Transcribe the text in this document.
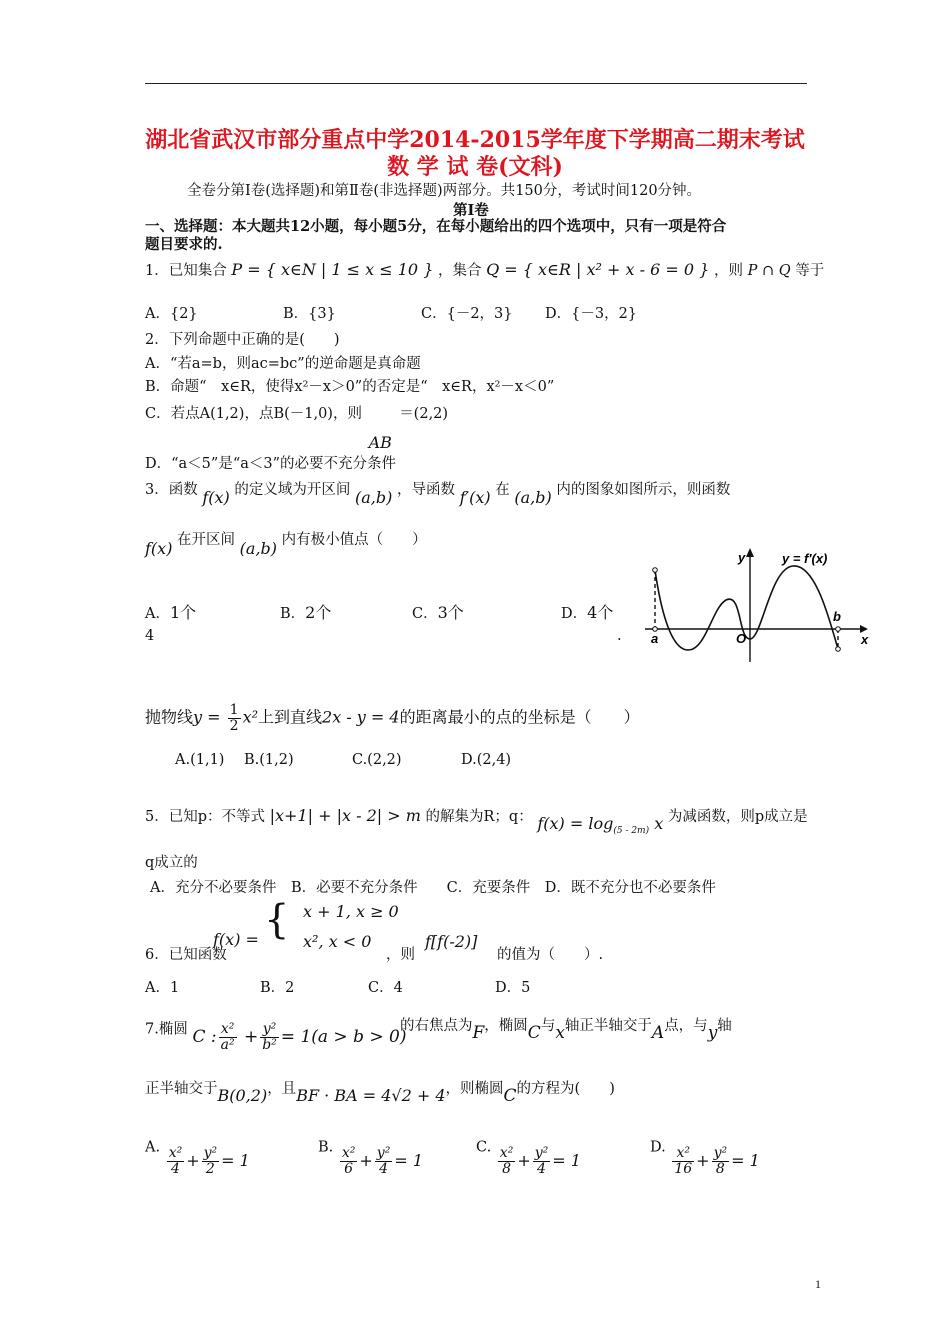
湖北省武汉市部分重点中学2014-2015学年度下学期高二期末考试
数 学 试 卷(文科)
全卷分第Ⅰ卷(选择题)和第Ⅱ卷(非选择题)两部分。共150分，考试时间120分钟。
第Ⅰ卷
一、选择题：本大题共12小题，每小题5分，在每小题给出的四个选项中，只有一项是符合
题目要求的.
1．已知集合 P = { x∈N | 1 ≤ x ≤ 10 } ，集合 Q = { x∈R | x² + x - 6 = 0 } ，则 P ∩ Q 等于
A．{2}	B．{3}	C．{－2，3} D．{－3，2}
2．下列命题中正确的是(　　)
A．“若a=b，则ac=bc”的逆命题是真命题
B．命题“　x∈R，使得x²－x＞0”的否定是“　x∈R，x²－x＜0”
C．若点A(1,2)，点B(－1,0)，则
AB
＝(2,2)
D．“a＜5”是“a＜3”的必要不充分条件
3．函数 f(x) 的定义域为开区间 (a,b) ，导函数 f′(x) 在 (a,b) 内的图象如图所示，则函数
f(x) 在开区间 (a,b) 内有极小值点（　　）
A．1个	B．2个	C．3个	D．4个
4	.
y
x
y = f′(x)
a
b
O
抛物线$y = \frac{1}{2} x^2$上到直线2x - y = 4的距离最小的点的坐标是（　　）
A.(1,1) B.(1,2)	C.(2,2)	D.(2,4)
5．已知p：不等式 |x+1| + |x - 2| > m 的解集为R；q： $f(x) = \log_{(5 - 2m)} x$ 为减函数，则p成立是
q成立的
A．充分不必要条件　B．必要不充分条件　　C．充要条件　D．既不充分也不必要条件
f(x) = { x + 1, x ≥ 0
x², x < 0
6．已知函数	，则
f[f(-2)]
的值为（　　）.
A．1	B．2	C．4	D．5
7.椭圆 C : $\frac{\text{x²}}{\text{a²}} + \frac{\text{y²}}{\text{b²}} = 1(a > b > 0)$
的右焦点为F，椭圆C与x轴正半轴交于A点，与y轴
正半轴交于B(0,2)，且BF · BA = 4√2 + 4，则椭圆C的方程为(　　)
A. $\frac{\text{x²}}{4} + \frac{\text{y²}}{2} = 1$
B. $\frac{\text{x²}}{6} + \frac{\text{y²}}{4} = 1$
C. $\frac{\text{x²}}{8} + \frac{\text{y²}}{4} = 1$
D. $\frac{\text{x²}}{16} + \frac{\text{y²}}{8} = 1$
1
